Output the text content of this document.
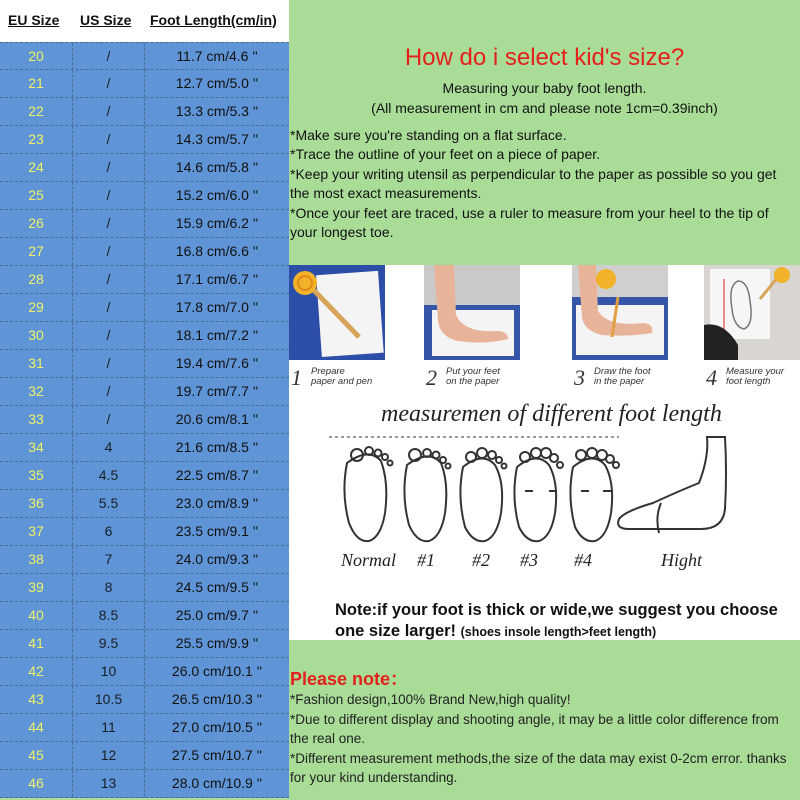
EU Size US Size Foot Length(cm/in)
20	/	11.7 cm/4.6 ''
21	/	12.7 cm/5.0 ''
22	/	13.3 cm/5.3 ''
23	/	14.3 cm/5.7 ''
24	/	14.6 cm/5.8 ''
25	/	15.2 cm/6.0 ''
26	/	15.9 cm/6.2 ''
27	/	16.8 cm/6.6 ''
28	/	17.1 cm/6.7 ''
29	/	17.8 cm/7.0 ''
30	/	18.1 cm/7.2 ''
31	/	19.4 cm/7.6 ''
32	/	19.7 cm/7.7 ''
33	/	20.6 cm/8.1 ''
34	4	21.6 cm/8.5 ''
35	4.5	22.5 cm/8.7 ''
36	5.5	23.0 cm/8.9 ''
37	6	23.5 cm/9.1 ''
38	7	24.0 cm/9.3 ''
39	8	24.5 cm/9.5 ''
40	8.5	25.0 cm/9.7 ''
41	9.5	25.5 cm/9.9 ''
42	10	26.0 cm/10.1 ''
43	10.5	26.5 cm/10.3 ''
44	11	27.0 cm/10.5 ''
45	12	27.5 cm/10.7 ''
46	13	28.0 cm/10.9 ''
How do i select kid's size?
Measuring your baby foot length.
(All measurement in cm and please note 1cm=0.39inch)

*Make sure you're standing on a flat surface.

*Trace the outline of your feet on a piece of paper.

*Keep your writing utensil as perpendicular to the paper as possible so you get the most exact measurements.

*Once your feet are traced, use a ruler to measure from your heel to the tip of your longest toe.

1 Prepare
paper and pen	2 Put your feet
on the paper	3 Draw the foot
in the paper	4 Measure your
foot length
measuremen of different foot length
Normal #1 #2 #3 #4	Hight
Note:if your foot is thick or wide,we suggest you choose one size larger! (shoes insole length>feet length)
Please note：

*Fashion design,100% Brand New,high quality!

*Due to different display and shooting angle, it may be a little color difference from the real one.

*Different measurement methods,the size of the data may exist 0-2cm error. thanks for your kind understanding.
